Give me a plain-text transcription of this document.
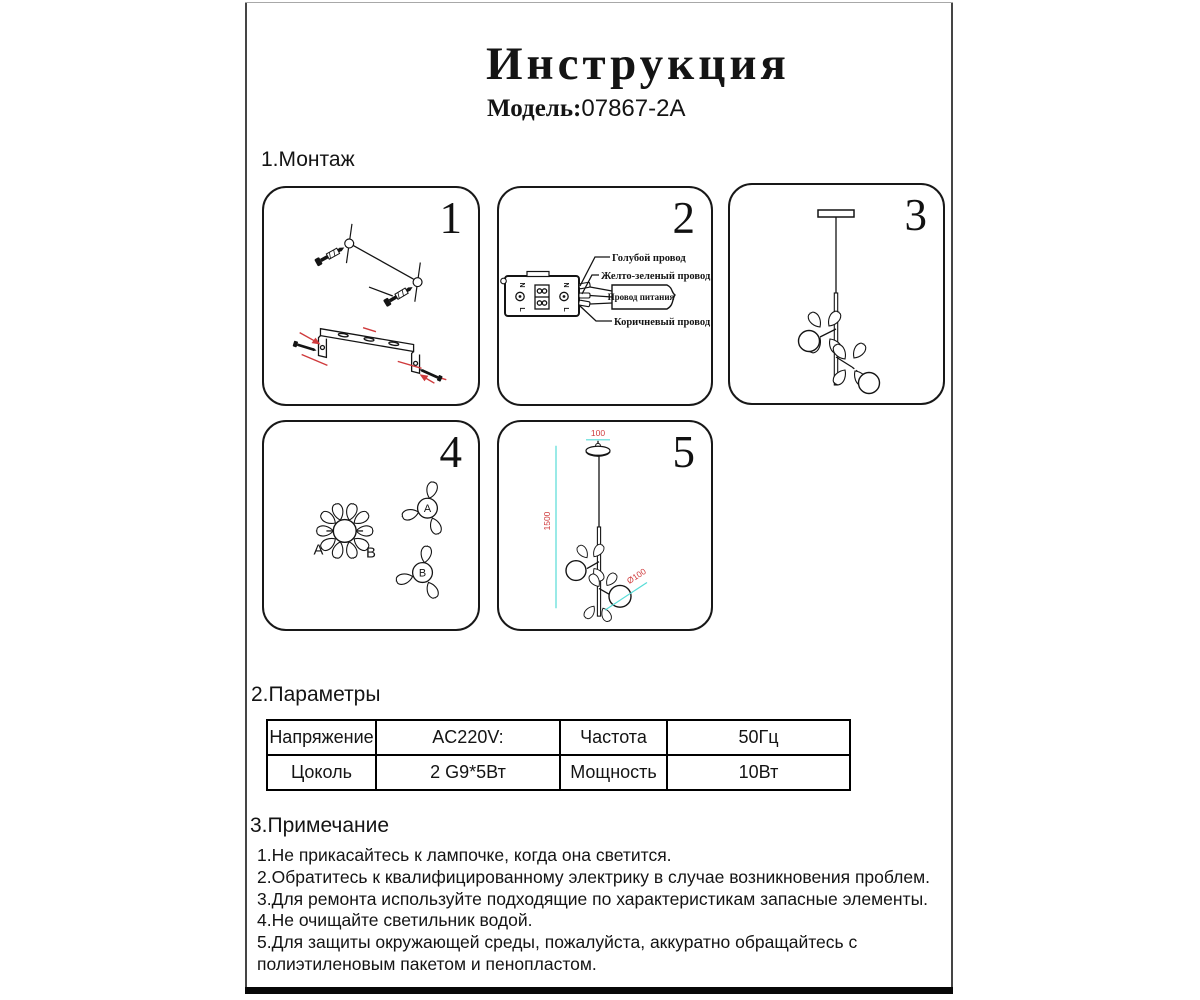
Инструкция
Модель:07867-2A
1.Монтаж
1
N
L
N
L
Провод питания
Голубой провод
Желто-зеленый провод
Коричневый провод
2	3
A	B
A
B
4	100
1500
Ø100
5
2.Параметры
Напряжение	AC220V:	Частота	50Гц
Цоколь	2 G9*5Вт	Мощность	10Вт
3.Примечание
1.Не прикасайтесь к лампочке, когда она светится.
2.Обратитесь к квалифицированному электрику в случае возникновения проблем.
3.Для ремонта используйте подходящие по характеристикам запасные элементы.
4.Не очищайте светильник водой.
5.Для защиты окружающей среды, пожалуйста, аккуратно обращайтесь с полиэтиленовым пакетом и пенопластом.
